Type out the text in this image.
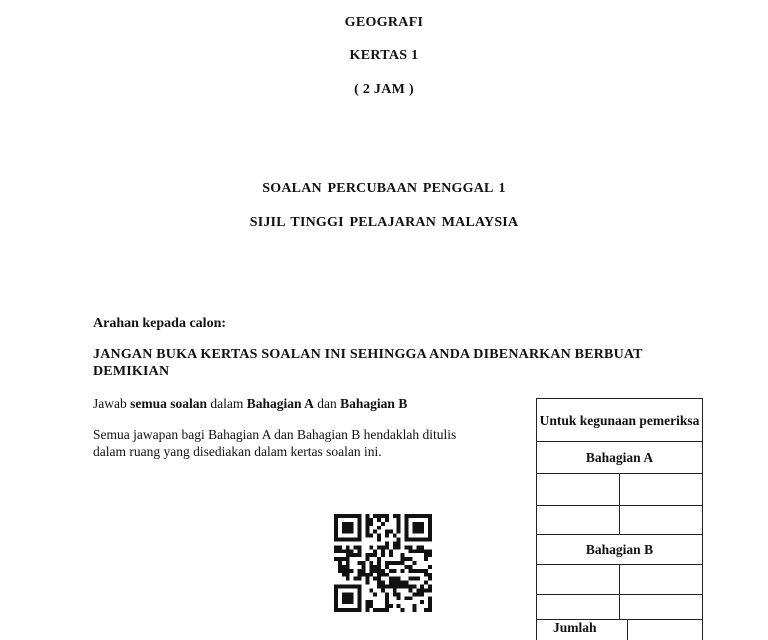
GEOGRAFI
KERTAS 1
( 2 JAM )
SOALAN PERCUBAAN PENGGAL 1
SIJIL TINGGI PELAJARAN MALAYSIA
Arahan kepada calon:
JANGAN BUKA KERTAS SOALAN INI SEHINGGA ANDA DIBENARKAN BERBUAT DEMIKIAN
Jawab semua soalan dalam Bahagian A dan Bahagian B
Semua jawapan bagi Bahagian A dan Bahagian B hendaklah ditulis dalam ruang yang disediakan dalam kertas soalan ini.
Untuk kegunaan pemeriksa
Bahagian A
Bahagian B
Jumlah
